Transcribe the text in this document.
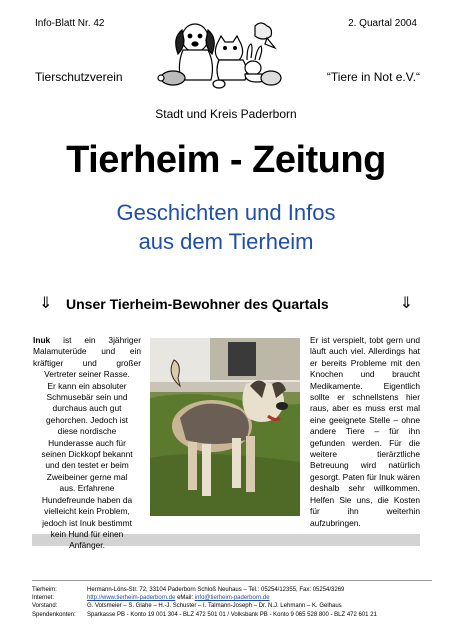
Info-Blatt Nr. 42	2. Quartal 2004
Tierschutzverein	“Tiere in Not e.V.“
Stadt und Kreis Paderborn
Tierheim - Zeitung
Geschichten und Infos
aus dem Tierheim
⇓ Unser Tierheim-Bewohner des Quartals	⇓
Inuk ist ein 3jähriger
Malamuterüde und ein
kräftiger und großer
Vertreter seiner Rasse.
Er kann ein absoluter
Schmusebär sein und
durchaus auch gut
gehorchen. Jedoch ist
diese nordische
Hunderasse auch für
seinen Dickkopf bekannt
und den testet er beim
Zweibeiner gerne mal
aus. Erfahrene
Hundefreunde haben da
vielleicht kein Problem,
jedoch ist Inuk bestimmt
kein Hund für einen
Anfänger.
Er ist verspielt, tobt gern und läuft auch viel. Allerdings hat er bereits Probleme mit den Knochen und braucht Medikamente. Eigentlich sollte er schnellstens hier raus, aber es muss erst mal eine geeignete Stelle – ohne andere Tiere – für ihn gefunden werden. Für die weitere tierärztliche Betreuung wird natürlich gesorgt. Paten für Inuk wären deshalb sehr willkommen. Helfen Sie uns, die Kosten für ihn weiterhin aufzubringen.
Tierheim:	Hermann-Löns-Str. 72, 33104 Paderborn Schloß Neuhaus – Tel.: 05254/12355, Fax: 05254/3269
Internet:	http://www.tierheim-paderborn.de eMail: info@tierheim-paderborn.de
Vorstand:	G. Votsmeier – S. Glahe – H.-J. Schuster – I. Talmann-Joseph – Dr. N.J. Lehmann – K. Gelhaus
Spendenkonten:	Sparkasse PB - Konto 19 001 304 - BLZ 472 501 01 / Volksbank PB - Konto 9 065 528 800 - BLZ 472 601 21
